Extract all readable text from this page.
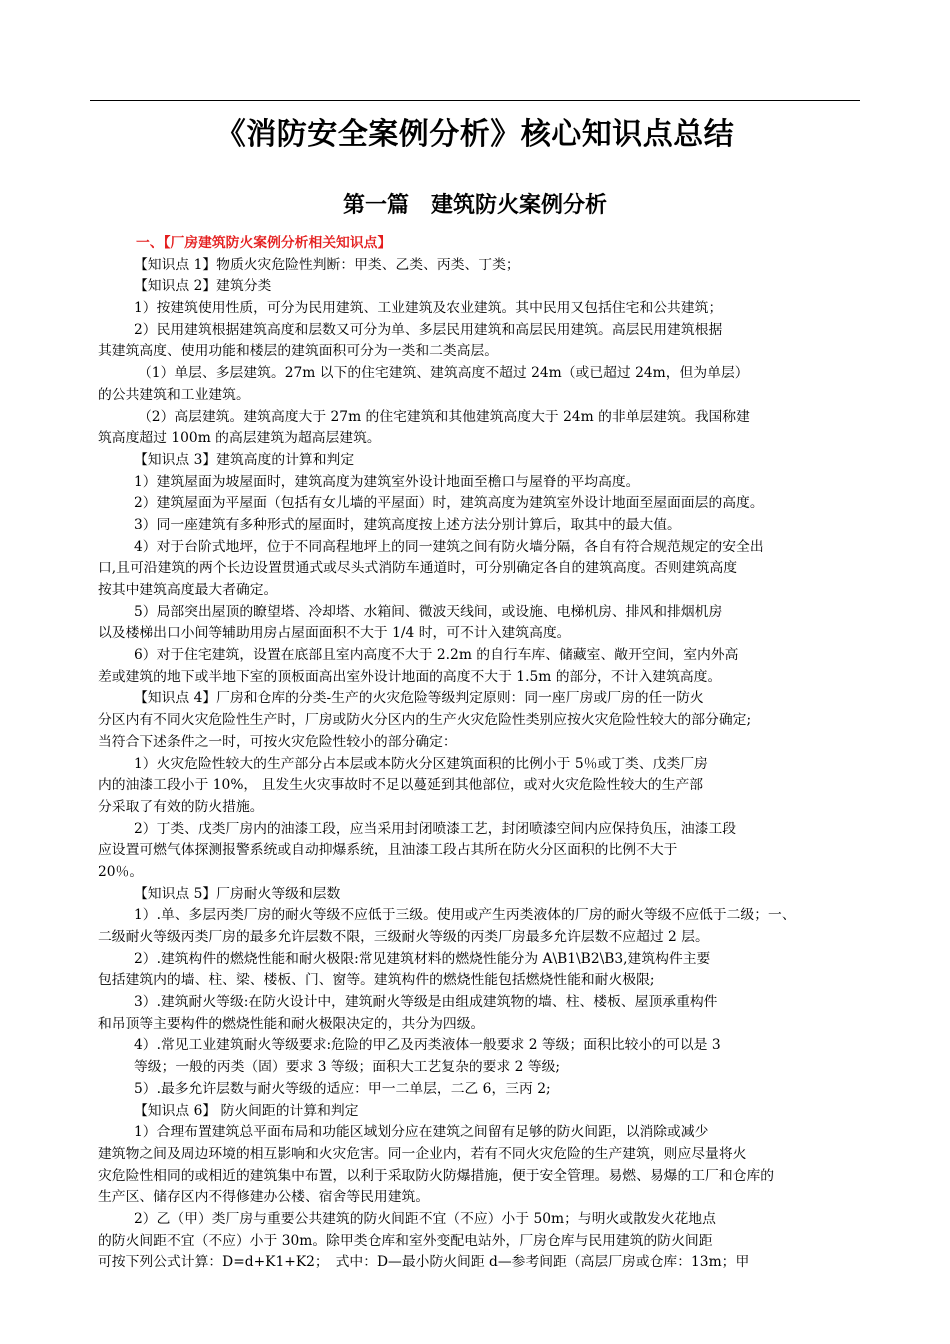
《消防安全案例分析》核心知识点总结
第一篇　建筑防火案例分析
一、【厂房建筑防火案例分析相关知识点】
【知识点 1】物质火灾危险性判断：甲类、乙类、丙类、丁类；
【知识点 2】建筑分类
1）按建筑使用性质，可分为民用建筑、工业建筑及农业建筑。其中民用又包括住宅和公共建筑；
2）民用建筑根据建筑高度和层数又可分为单、多层民用建筑和高层民用建筑。高层民用建筑根据
其建筑高度、使用功能和楼层的建筑面积可分为一类和二类高层。
（1）单层、多层建筑。27m 以下的住宅建筑、建筑高度不超过 24m（或已超过 24m，但为单层）
的公共建筑和工业建筑。
（2）高层建筑。建筑高度大于 27m 的住宅建筑和其他建筑高度大于 24m 的非单层建筑。我国称建
筑高度超过 100m 的高层建筑为超高层建筑。
【知识点 3】建筑高度的计算和判定
1）建筑屋面为坡屋面时，建筑高度为建筑室外设计地面至檐口与屋脊的平均高度。
2）建筑屋面为平屋面（包括有女儿墙的平屋面）时，建筑高度为建筑室外设计地面至屋面面层的高度。
3）同一座建筑有多种形式的屋面时，建筑高度按上述方法分别计算后，取其中的最大值。
4）对于台阶式地坪，位于不同高程地坪上的同一建筑之间有防火墙分隔，各自有符合规范规定的安全出
口,且可沿建筑的两个长边设置贯通式或尽头式消防车通道时，可分别确定各自的建筑高度。否则建筑高度
按其中建筑高度最大者确定。
5）局部突出屋顶的瞭望塔、冷却塔、水箱间、微波天线间，或设施、电梯机房、排风和排烟机房
以及楼梯出口小间等辅助用房占屋面面积不大于 1/4 时，可不计入建筑高度。
6）对于住宅建筑，设置在底部且室内高度不大于 2.2m 的自行车库、储藏室、敞开空间，室内外高
差或建筑的地下或半地下室的顶板面高出室外设计地面的高度不大于 1.5m 的部分，不计入建筑高度。
【知识点 4】厂房和仓库的分类-生产的火灾危险等级判定原则：同一座厂房或厂房的任一防火
分区内有不同火灾危险性生产时，厂房或防火分区内的生产火灾危险性类别应按火灾危险性较大的部分确定;
当符合下述条件之一时，可按火灾危险性较小的部分确定：
1）火灾危险性较大的生产部分占本层或本防火分区建筑面积的比例小于 5％或丁类、戊类厂房
内的油漆工段小于 10%， 且发生火灾事故时不足以蔓延到其他部位，或对火灾危险性较大的生产部
分采取了有效的防火措施。
2）丁类、戊类厂房内的油漆工段，应当采用封闭喷漆工艺，封闭喷漆空间内应保持负压，油漆工段
应设置可燃气体探测报警系统或自动抑爆系统，且油漆工段占其所在防火分区面积的比例不大于
20％。
【知识点 5】厂房耐火等级和层数
1）.单、多层丙类厂房的耐火等级不应低于三级。使用或产生丙类液体的厂房的耐火等级不应低于二级；一、
二级耐火等级丙类厂房的最多允许层数不限，三级耐火等级的丙类厂房最多允许层数不应超过 2 层。
2）.建筑构件的燃烧性能和耐火极限:常见建筑材料的燃烧性能分为 A\B1\B2\B3,建筑构件主要
包括建筑内的墙、柱、梁、楼板、门、窗等。建筑构件的燃烧性能包括燃烧性能和耐火极限;
3）.建筑耐火等级:在防火设计中，建筑耐火等级是由组成建筑物的墙、柱、楼板、屋顶承重构件
和吊顶等主要构件的燃烧性能和耐火极限决定的，共分为四级。
4）.常见工业建筑耐火等级要求:危险的甲乙及丙类液体一般要求 2 等级；面积比较小的可以是 3
等级；一般的丙类（固）要求 3 等级；面积大工艺复杂的要求 2 等级;
5）.最多允许层数与耐火等级的适应：甲一二单层，二乙 6，三丙 2;
【知识点 6】 防火间距的计算和判定
1）合理布置建筑总平面布局和功能区域划分应在建筑之间留有足够的防火间距，以消除或减少
建筑物之间及周边环境的相互影响和火灾危害。同一企业内，若有不同火灾危险的生产建筑，则应尽量将火
灾危险性相同的或相近的建筑集中布置，以利于采取防火防爆措施，便于安全管理。易燃、易爆的工厂和仓库的
生产区、储存区内不得修建办公楼、宿舍等民用建筑。
2）乙（甲）类厂房与重要公共建筑的防火间距不宜（不应）小于 50m；与明火或散发火花地点
的防火间距不宜（不应）小于 30m。除甲类仓库和室外变配电站外，厂房仓库与民用建筑的防火间距
可按下列公式计算：D=d+K1+K2；　式中：D—最小防火间距 d—参考间距（高层厂房或仓库：13m；甲
